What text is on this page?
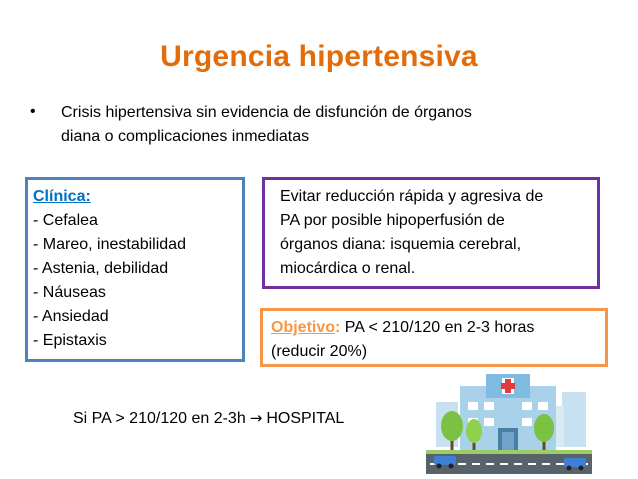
Urgencia hipertensiva
• Crisis hipertensiva sin evidencia de disfunción de órganos
diana o complicaciones inmediatas
Clínica:
- Cefalea
- Mareo, inestabilidad
- Astenia, debilidad
- Náuseas
- Ansiedad
- Epistaxis
Evitar reducción rápida y agresiva de
PA por posible hipoperfusión de
órganos diana: isquemia cerebral,
miocárdica o renal.
Objetivo: PA < 210/120 en 2-3 horas
(reducir 20%)
Si PA > 210/120 en 2-3h → HOSPITAL
